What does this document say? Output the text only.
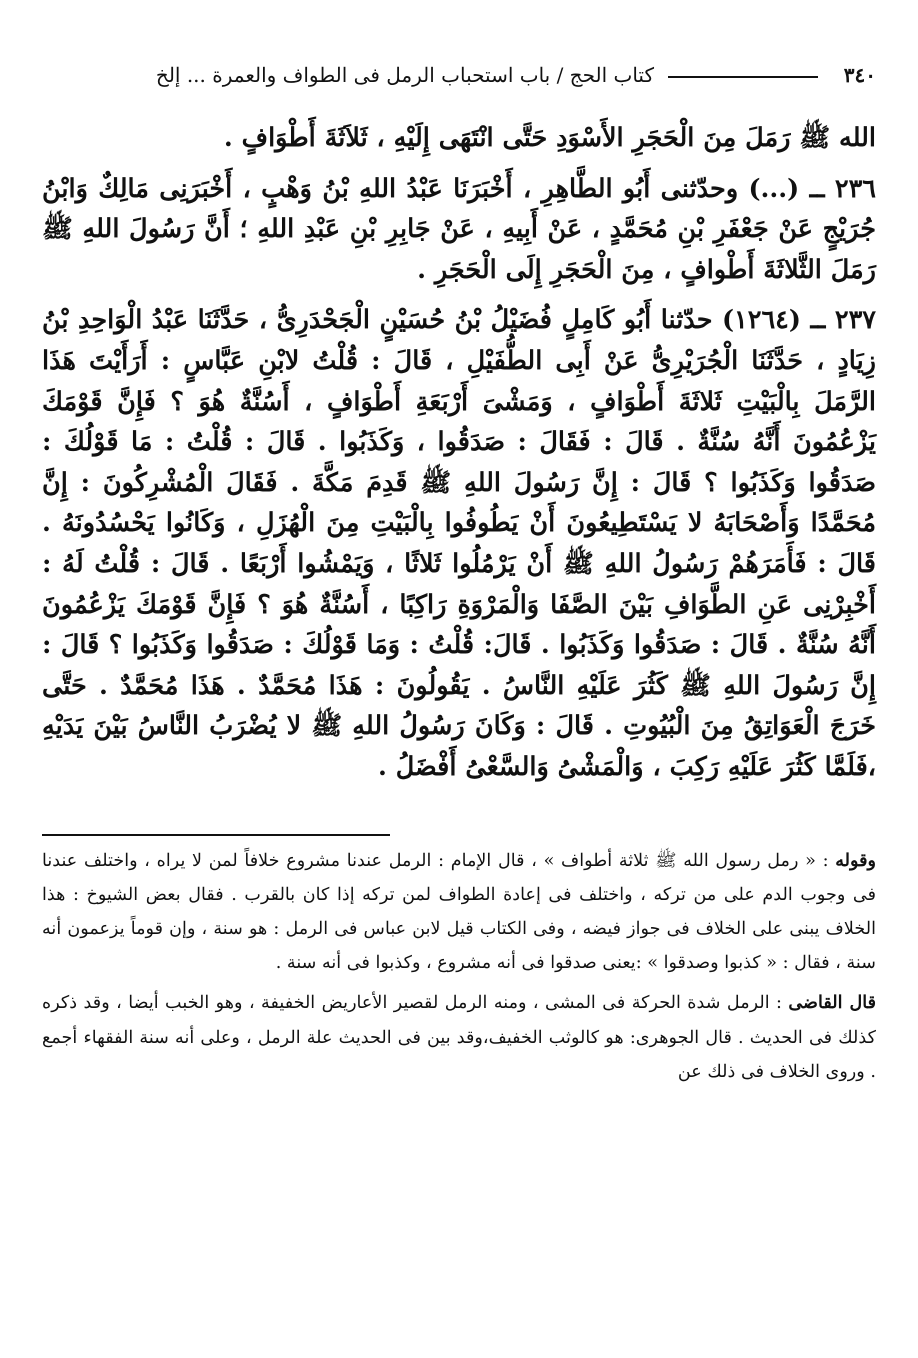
٣٤٠
كتاب الحج / باب استحباب الرمل فى الطواف والعمرة ... إلخ

الله ﷺ رَمَلَ مِنَ الْحَجَرِ الأَسْوَدِ حَتَّى انْتَهَى إِلَيْهِ ، ثَلاَثَةَ أَطْوَافٍ .

٢٣٦ ــ (...) وحدّثنى أَبُو الطَّاهِرِ ، أَخْبَرَنَا عَبْدُ اللهِ بْنُ وَهْبٍ ، أَخْبَرَنِى مَالِكٌ وَابْنُ جُرَيْجٍ عَنْ جَعْفَرِ بْنِ مُحَمَّدٍ ، عَنْ أَبِيهِ ، عَنْ جَابِرِ بْنِ عَبْدِ اللهِ ؛ أَنَّ رَسُولَ اللهِ ﷺ رَمَلَ الثَّلاثَةَ أَطْوافٍ ، مِنَ الْحَجَرِ إِلَى الْحَجَرِ .

٢٣٧ ــ (١٢٦٤) حدّثنا أَبُو كَامِلٍ فُضَيْلُ بْنُ حُسَيْنٍ الْجَحْدَرِىُّ ، حَدَّثَنَا عَبْدُ الْوَاحِدِ بْنُ زِيَادٍ ، حَدَّثَنَا الْجُرَيْرِىُّ عَنْ أَبِى الطُّفَيْلِ ، قَالَ : قُلْتُ لابْنِ عَبَّاسٍ : أَرَأَيْتَ هَذَا الرَّمَلَ بِالْبَيْتِ ثَلاثَةَ أَطْوَافٍ ، وَمَشْىَ أَرْبَعَةِ أَطْوَافٍ ، أَسُنَّةٌ هُوَ ؟ فَإِنَّ قَوْمَكَ يَزْعُمُونَ أَنَّهُ سُنَّةٌ . قَالَ : فَقَالَ : صَدَقُوا ، وَكَذَبُوا . قَالَ : قُلْتُ : مَا قَوْلُكَ : صَدَقُوا وَكَذَبُوا ؟ قَالَ : إِنَّ رَسُولَ اللهِ ﷺ قَدِمَ مَكَّةَ . فَقَالَ الْمُشْرِكُونَ : إِنَّ مُحَمَّدًا وَأَصْحَابَهُ لا يَسْتَطِيعُونَ أَنْ يَطُوفُوا بِالْبَيْتِ مِنَ الْهُزَلِ ، وَكَانُوا يَحْسُدُونَهُ . قَالَ : فَأَمَرَهُمْ رَسُولُ اللهِ ﷺ أَنْ يَرْمُلُوا ثَلاثًا ، وَيَمْشُوا أَرْبَعًا . قَالَ : قُلْتُ لَهُ : أَخْبِرْنِى عَنِ الطَّوَافِ بَيْنَ الصَّفَا وَالْمَرْوَةِ رَاكِبًا ، أَسُنَّةٌ هُوَ ؟ فَإِنَّ قَوْمَكَ يَزْعُمُونَ أَنَّهُ سُنَّةٌ . قَالَ : صَدَقُوا وَكَذَبُوا . قَالَ: قُلْتُ : وَمَا قَوْلُكَ : صَدَقُوا وَكَذَبُوا ؟ قَالَ : إِنَّ رَسُولَ اللهِ ﷺ كَثُرَ عَلَيْهِ النَّاسُ . يَقُولُونَ : هَذَا مُحَمَّدٌ . هَذَا مُحَمَّدٌ . حَتَّى خَرَجَ الْعَوَاتِقُ مِنَ الْبُيُوتِ . قَالَ : وَكَانَ رَسُولُ اللهِ ﷺ لا يُضْرَبُ النَّاسُ بَيْنَ يَدَيْهِ ،فَلَمَّا كَثُرَ عَلَيْهِ رَكِبَ ، وَالْمَشْىُ وَالسَّعْىُ أَفْضَلُ .

وقوله : « رمل رسول الله ﷺ ثلاثة أطواف » ، قال الإمام : الرمل عندنا مشروع خلافاً لمن لا يراه ، واختلف عندنا فى وجوب الدم على من تركه ، واختلف فى إعادة الطواف لمن تركه إذا كان بالقرب . فقال بعض الشيوخ : هذا الخلاف يبنى على الخلاف فى جواز فيضه ، وفى الكتاب قيل لابن عباس فى الرمل : هو سنة ، وإن قوماً يزعمون أنه سنة ، فقال : « كذبوا وصدقوا » :يعنى صدقوا فى أنه مشروع ، وكذبوا فى أنه سنة .

قال القاضى : الرمل شدة الحركة فى المشى ، ومنه الرمل لقصير الأعاريض الخفيفة ، وهو الخبب أيضا ، وقد ذكره كذلك فى الحديث . قال الجوهرى: هو كالوثب الخفيف،وقد بين فى الحديث علة الرمل ، وعلى أنه سنة الفقهاء أجمع . وروى الخلاف فى ذلك عن
